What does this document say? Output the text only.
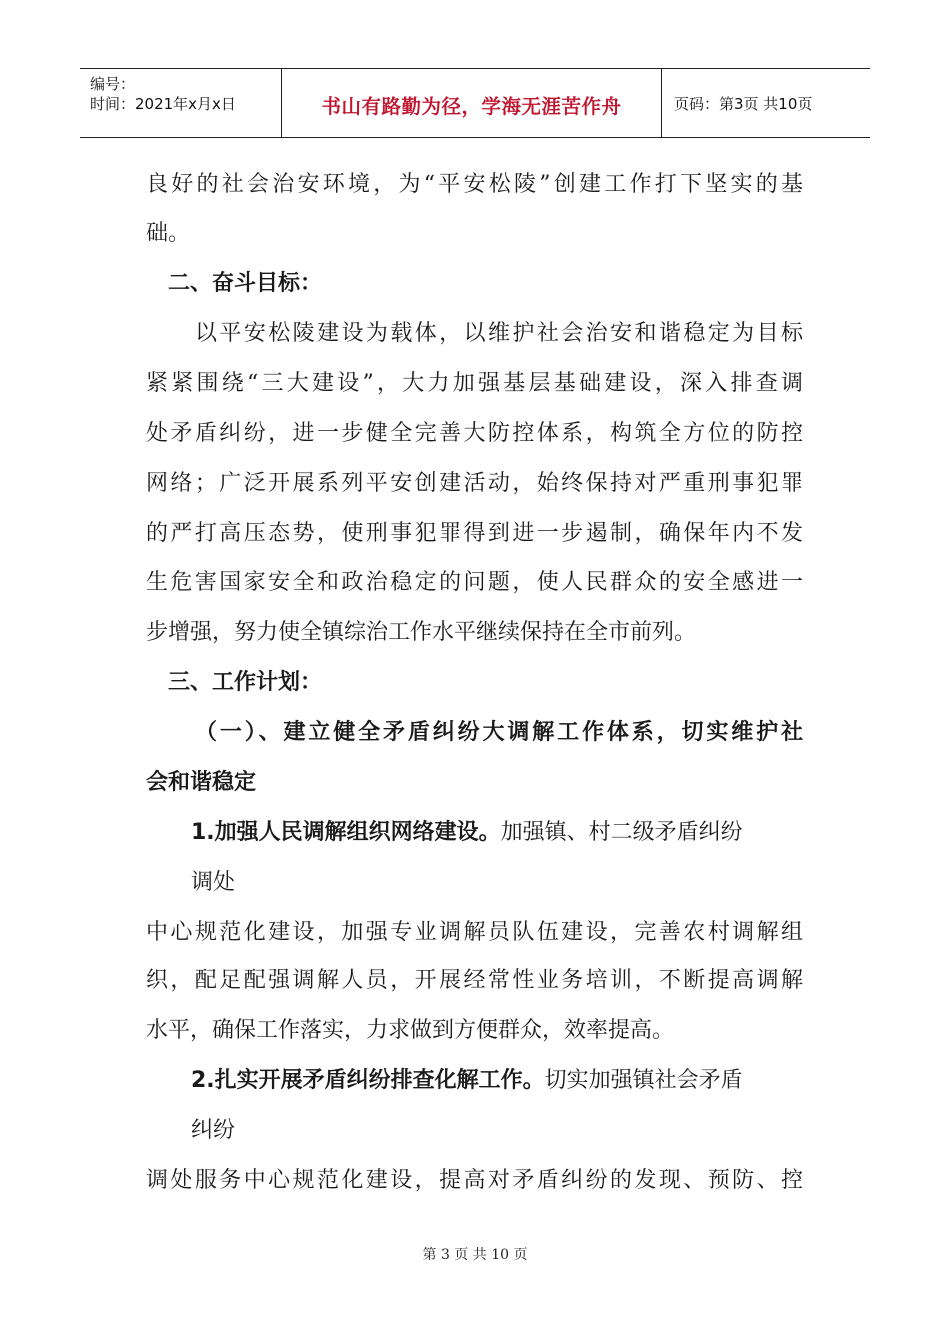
编号：
时间：2021年x月x日	书山有路勤为径，学海无涯苦作舟	页码：第3页 共10页
良好的社会治安环境，为“平安松陵”创建工作打下坚实的基
础。
二、奋斗目标：
以平安松陵建设为载体，以维护社会治安和谐稳定为目标
紧紧围绕“三大建设”，大力加强基层基础建设，深入排查调
处矛盾纠纷，进一步健全完善大防控体系，构筑全方位的防控
网络；广泛开展系列平安创建活动，始终保持对严重刑事犯罪
的严打高压态势，使刑事犯罪得到进一步遏制，确保年内不发
生危害国家安全和政治稳定的问题，使人民群众的安全感进一
步增强，努力使全镇综治工作水平继续保持在全市前列。
三、工作计划：
（一）、建立健全矛盾纠纷大调解工作体系，切实维护社
会和谐稳定
1.加强人民调解组织网络建设。加强镇、村二级矛盾纠纷
调处
中心规范化建设，加强专业调解员队伍建设，完善农村调解组
织，配足配强调解人员，开展经常性业务培训，不断提高调解
水平，确保工作落实，力求做到方便群众，效率提高。
2.扎实开展矛盾纠纷排查化解工作。切实加强镇社会矛盾
纠纷
调处服务中心规范化建设，提高对矛盾纠纷的发现、预防、控
第 3 页 共 10 页
